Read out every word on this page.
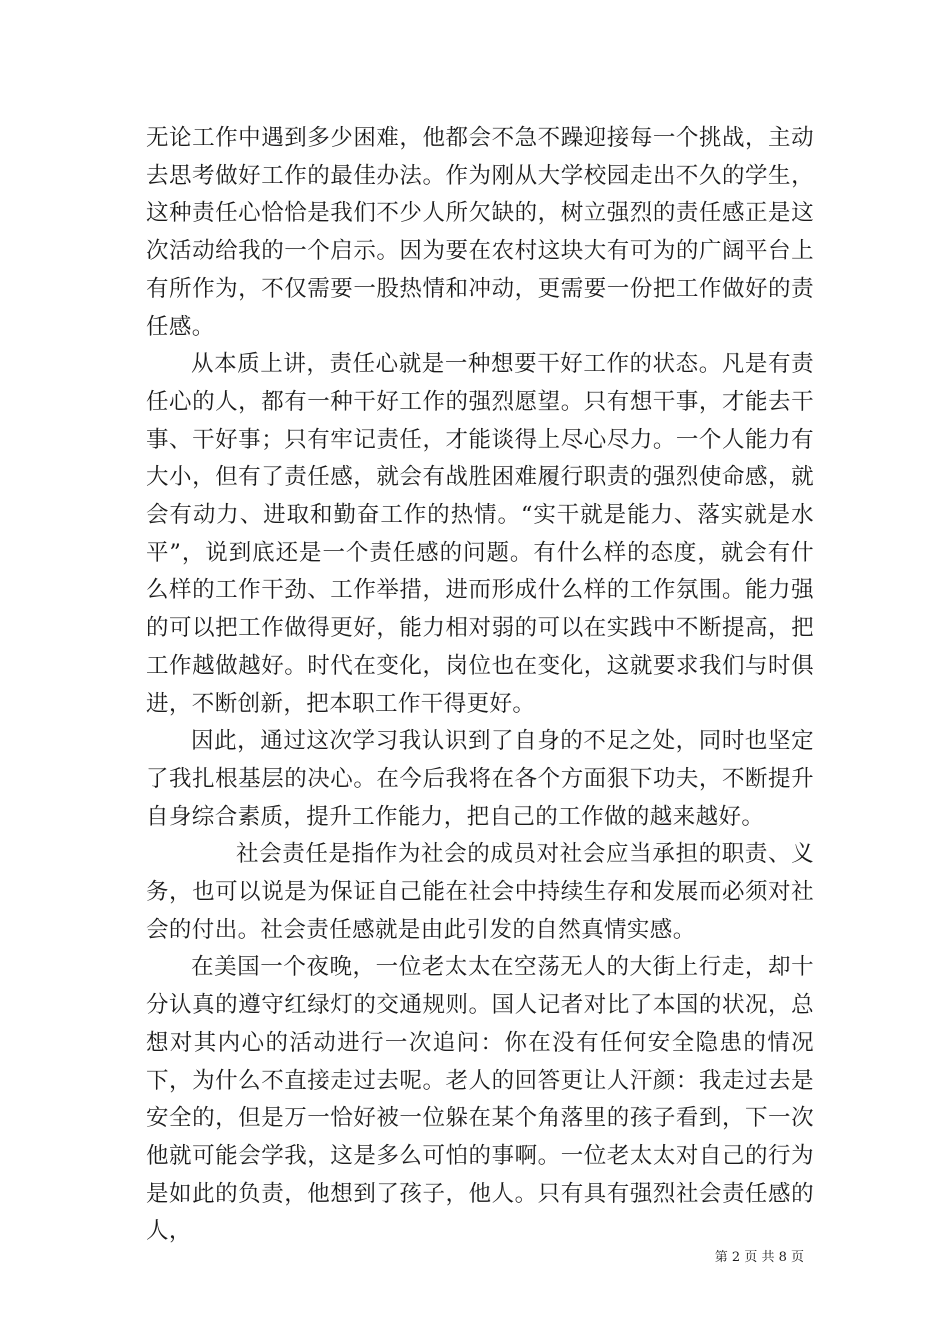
无论工作中遇到多少困难，他都会不急不躁迎接每一个挑战，主动去思考做好工作的最佳办法。作为刚从大学校园走出不久的学生，这种责任心恰恰是我们不少人所欠缺的，树立强烈的责任感正是这次活动给我的一个启示。因为要在农村这块大有可为的广阔平台上有所作为，不仅需要一股热情和冲动，更需要一份把工作做好的责任感。

从本质上讲，责任心就是一种想要干好工作的状态。凡是有责任心的人，都有一种干好工作的强烈愿望。只有想干事，才能去干事、干好事；只有牢记责任，才能谈得上尽心尽力。一个人能力有大小，但有了责任感，就会有战胜困难履行职责的强烈使命感，就会有动力、进取和勤奋工作的热情。“实干就是能力、落实就是水平”，说到底还是一个责任感的问题。有什么样的态度，就会有什么样的工作干劲、工作举措，进而形成什么样的工作氛围。能力强的可以把工作做得更好，能力相对弱的可以在实践中不断提高，把工作越做越好。时代在变化，岗位也在变化，这就要求我们与时俱进，不断创新，把本职工作干得更好。

因此，通过这次学习我认识到了自身的不足之处，同时也坚定了我扎根基层的决心。在今后我将在各个方面狠下功夫，不断提升自身综合素质，提升工作能力，把自己的工作做的越来越好。

社会责任是指作为社会的成员对社会应当承担的职责、义务，也可以说是为保证自己能在社会中持续生存和发展而必须对社会的付出。社会责任感就是由此引发的自然真情实感。

在美国一个夜晚，一位老太太在空荡无人的大街上行走，却十分认真的遵守红绿灯的交通规则。国人记者对比了本国的状况，总想对其内心的活动进行一次追问：你在没有任何安全隐患的情况下，为什么不直接走过去呢。老人的回答更让人汗颜：我走过去是安全的，但是万一恰好被一位躲在某个角落里的孩子看到，下一次他就可能会学我，这是多么可怕的事啊。一位老太太对自己的行为是如此的负责，他想到了孩子，他人。只有具有强烈社会责任感的人，

第 2 页 共 8 页
